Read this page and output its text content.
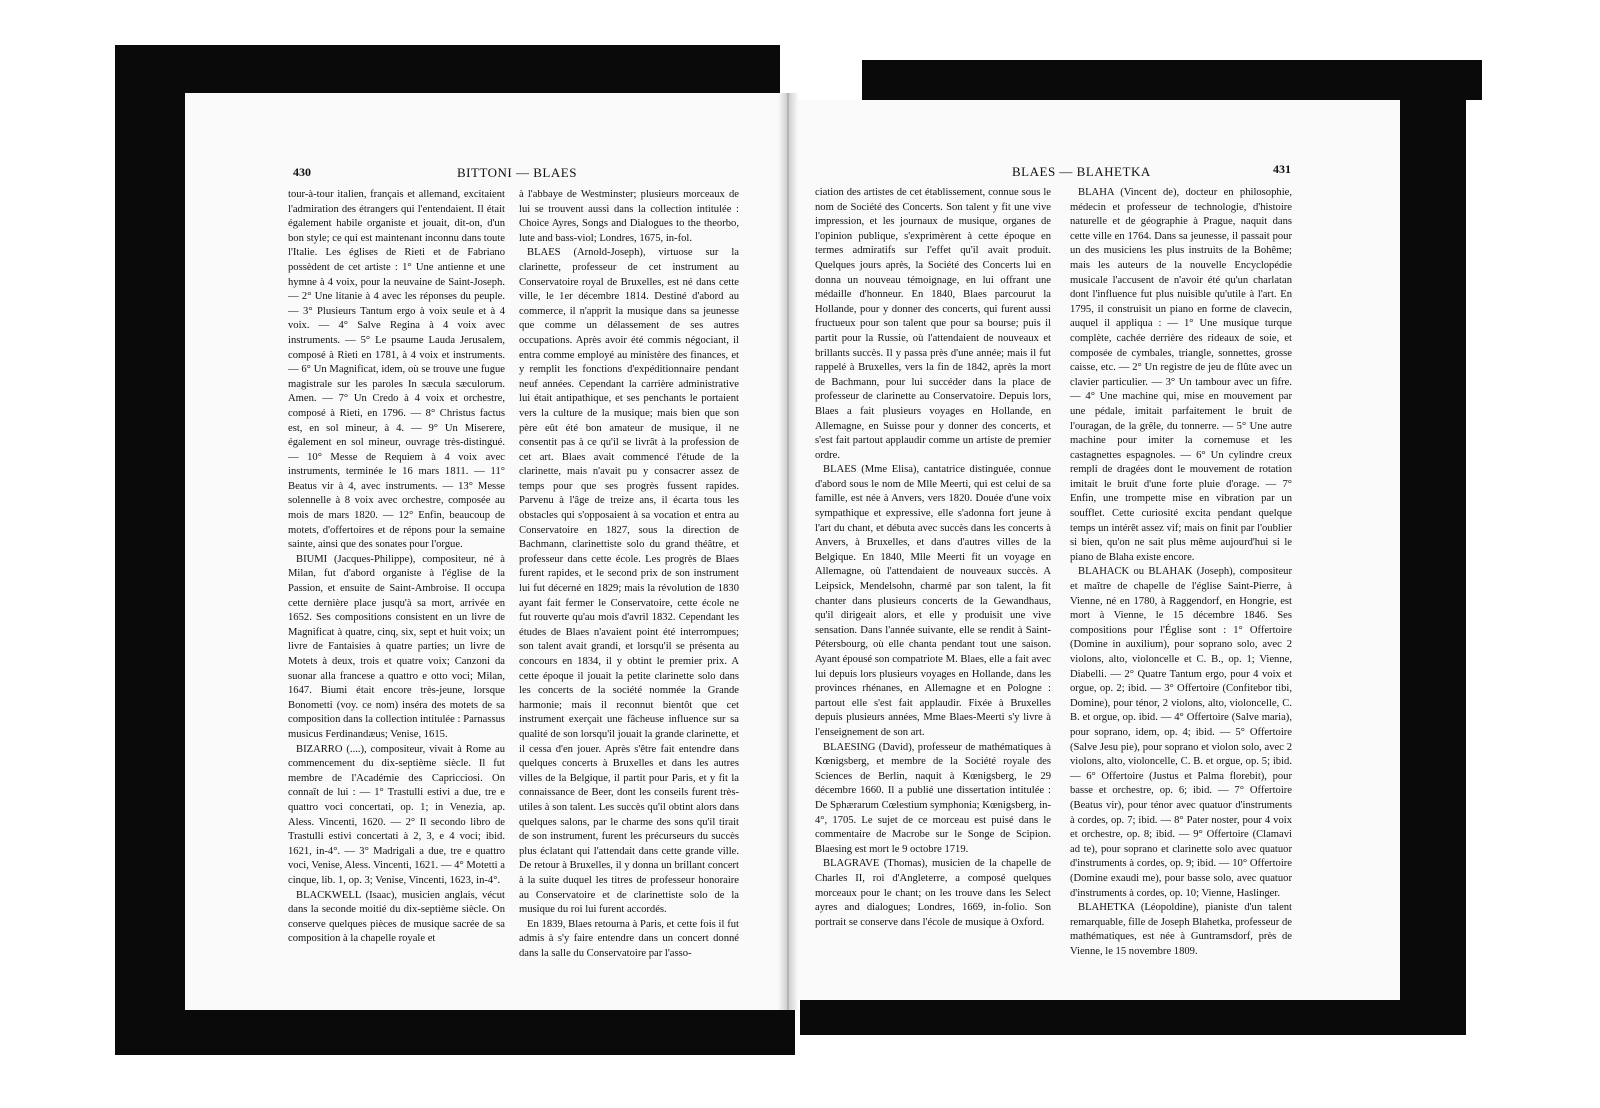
430	BITTONI — BLAES

tour-à-tour italien, français et allemand, excitaient l'admiration des étrangers qui l'entendaient. Il était également habile organiste et jouait, dit-on, d'un bon style; ce qui est maintenant inconnu dans toute l'Italie. Les églises de Rieti et de Fabriano possèdent de cet artiste : 1° Une antienne et une hymne à 4 voix, pour la neuvaine de Saint-Joseph. — 2° Une litanie à 4 avec les réponses du peuple. — 3° Plusieurs Tantum ergo à voix seule et à 4 voix. — 4° Salve Regina à 4 voix avec instruments. — 5° Le psaume Lauda Jerusalem, composé à Rieti en 1781, à 4 voix et instruments. — 6° Un Magnificat, idem, où se trouve une fugue magistrale sur les paroles In sæcula sæculorum. Amen. — 7° Un Credo à 4 voix et orchestre, composé à Rieti, en 1796. — 8° Christus factus est, en sol mineur, à 4. — 9° Un Miserere, également en sol mineur, ouvrage très-distingué. — 10° Messe de Requiem à 4 voix avec instruments, terminée le 16 mars 1811. — 11° Beatus vir à 4, avec instruments. — 13° Messe solennelle à 8 voix avec orchestre, composée au mois de mars 1820. — 12° Enfin, beaucoup de motets, d'offertoires et de répons pour la semaine sainte, ainsi que des sonates pour l'orgue.

BIUMI (Jacques-Philippe), compositeur, né à Milan, fut d'abord organiste à l'église de la Passion, et ensuite de Saint-Ambroise. Il occupa cette dernière place jusqu'à sa mort, arrivée en 1652. Ses compositions consistent en un livre de Magnificat à quatre, cinq, six, sept et huit voix; un livre de Fantaisies à quatre parties; un livre de Motets à deux, trois et quatre voix; Canzoni da suonar alla francese a quattro e otto voci; Milan, 1647. Biumi était encore très-jeune, lorsque Bonometti (voy. ce nom) inséra des motets de sa composition dans la collection intitulée : Parnassus musicus Ferdinandæus; Venise, 1615.

BIZARRO (....), compositeur, vivait à Rome au commencement du dix-septième siècle. Il fut membre de l'Académie des Capricciosi. On connaît de lui : — 1° Trastulli estivi a due, tre e quattro voci concertati, op. 1; in Venezia, ap. Aless. Vincenti, 1620. — 2° Il secondo libro de Trastulli estivi concertati à 2, 3, e 4 voci; ibid. 1621, in-4°. — 3° Madrigali a due, tre e quattro voci, Venise, Aless. Vincenti, 1621. — 4° Motetti a cinque, lib. 1, op. 3; Venise, Vincenti, 1623, in-4°.

BLACKWELL (Isaac), musicien anglais, vécut dans la seconde moitié du dix-septième siècle. On conserve quelques pièces de musique sacrée de sa composition à la chapelle royale et

à l'abbaye de Westminster; plusieurs morceaux de lui se trouvent aussi dans la collection intitulée : Choice Ayres, Songs and Dialogues to the theorbo, lute and bass-viol; Londres, 1675, in-fol.

BLAES (Arnold-Joseph), virtuose sur la clarinette, professeur de cet instrument au Conservatoire royal de Bruxelles, est né dans cette ville, le 1er décembre 1814. Destiné d'abord au commerce, il n'apprit la musique dans sa jeunesse que comme un délassement de ses autres occupations. Après avoir été commis négociant, il entra comme employé au ministère des finances, et y remplit les fonctions d'expéditionnaire pendant neuf années. Cependant la carrière administrative lui était antipathique, et ses penchants le portaient vers la culture de la musique; mais bien que son père eût été bon amateur de musique, il ne consentit pas à ce qu'il se livrât à la profession de cet art. Blaes avait commencé l'étude de la clarinette, mais n'avait pu y consacrer assez de temps pour que ses progrès fussent rapides. Parvenu à l'âge de treize ans, il écarta tous les obstacles qui s'opposaient à sa vocation et entra au Conservatoire en 1827, sous la direction de Bachmann, clarinettiste solo du grand théâtre, et professeur dans cette école. Les progrès de Blaes furent rapides, et le second prix de son instrument lui fut décerné en 1829; mais la révolution de 1830 ayant fait fermer le Conservatoire, cette école ne fut rouverte qu'au mois d'avril 1832. Cependant les études de Blaes n'avaient point été interrompues; son talent avait grandi, et lorsqu'il se présenta au concours en 1834, il y obtint le premier prix. A cette époque il jouait la petite clarinette solo dans les concerts de la société nommée la Grande harmonie; mais il reconnut bientôt que cet instrument exerçait une fâcheuse influence sur sa qualité de son lorsqu'il jouait la grande clarinette, et il cessa d'en jouer. Après s'être fait entendre dans quelques concerts à Bruxelles et dans les autres villes de la Belgique, il partit pour Paris, et y fit la connaissance de Beer, dont les conseils furent très-utiles à son talent. Les succès qu'il obtint alors dans quelques salons, par le charme des sons qu'il tirait de son instrument, furent les précurseurs du succès plus éclatant qui l'attendait dans cette grande ville. De retour à Bruxelles, il y donna un brillant concert à la suite duquel les titres de professeur honoraire au Conservatoire et de clarinettiste solo de la musique du roi lui furent accordés.

En 1839, Blaes retourna à Paris, et cette fois il fut admis à s'y faire entendre dans un concert donné dans la salle du Conservatoire par l'asso-

BLAES — BLAHETKA	431

ciation des artistes de cet établissement, connue sous le nom de Société des Concerts. Son talent y fit une vive impression, et les journaux de musique, organes de l'opinion publique, s'exprimèrent à cette époque en termes admiratifs sur l'effet qu'il avait produit. Quelques jours après, la Société des Concerts lui en donna un nouveau témoignage, en lui offrant une médaille d'honneur. En 1840, Blaes parcourut la Hollande, pour y donner des concerts, qui furent aussi fructueux pour son talent que pour sa bourse; puis il partit pour la Russie, où l'attendaient de nouveaux et brillants succès. Il y passa près d'une année; mais il fut rappelé à Bruxelles, vers la fin de 1842, après la mort de Bachmann, pour lui succéder dans la place de professeur de clarinette au Conservatoire. Depuis lors, Blaes a fait plusieurs voyages en Hollande, en Allemagne, en Suisse pour y donner des concerts, et s'est fait partout applaudir comme un artiste de premier ordre.

BLAES (Mme Elisa), cantatrice distinguée, connue d'abord sous le nom de Mlle Meerti, qui est celui de sa famille, est née à Anvers, vers 1820. Douée d'une voix sympathique et expressive, elle s'adonna fort jeune à l'art du chant, et débuta avec succès dans les concerts à Anvers, à Bruxelles, et dans d'autres villes de la Belgique. En 1840, Mlle Meerti fit un voyage en Allemagne, où l'attendaient de nouveaux succès. A Leipsick, Mendelsohn, charmé par son talent, la fit chanter dans plusieurs concerts de la Gewandhaus, qu'il dirigeait alors, et elle y produisit une vive sensation. Dans l'année suivante, elle se rendit à Saint-Pétersbourg, où elle chanta pendant tout une saison. Ayant épousé son compatriote M. Blaes, elle a fait avec lui depuis lors plusieurs voyages en Hollande, dans les provinces rhénanes, en Allemagne et en Pologne : partout elle s'est fait applaudir. Fixée à Bruxelles depuis plusieurs années, Mme Blaes-Meerti s'y livre à l'enseignement de son art.

BLAESING (David), professeur de mathématiques à Kœnigsberg, et membre de la Société royale des Sciences de Berlin, naquit à Kœnigsberg, le 29 décembre 1660. Il a publié une dissertation intitulée : De Sphærarum Cœlestium symphonia; Kœnigsberg, in-4°, 1705. Le sujet de ce morceau est puisé dans le commentaire de Macrobe sur le Songe de Scipion. Blaesing est mort le 9 octobre 1719.

BLAGRAVE (Thomas), musicien de la chapelle de Charles II, roi d'Angleterre, a composé quelques morceaux pour le chant; on les trouve dans les Select ayres and dialogues; Londres, 1669, in-folio. Son portrait se conserve dans l'école de musique à Oxford.

BLAHA (Vincent de), docteur en philosophie, médecin et professeur de technologie, d'histoire naturelle et de géographie à Prague, naquit dans cette ville en 1764. Dans sa jeunesse, il passait pour un des musiciens les plus instruits de la Bohême; mais les auteurs de la nouvelle Encyclopédie musicale l'accusent de n'avoir été qu'un charlatan dont l'influence fut plus nuisible qu'utile à l'art. En 1795, il construisit un piano en forme de clavecin, auquel il appliqua : — 1° Une musique turque complète, cachée derrière des rideaux de soie, et composée de cymbales, triangle, sonnettes, grosse caisse, etc. — 2° Un registre de jeu de flûte avec un clavier particulier. — 3° Un tambour avec un fifre. — 4° Une machine qui, mise en mouvement par une pédale, imitait parfaitement le bruit de l'ouragan, de la grêle, du tonnerre. — 5° Une autre machine pour imiter la cornemuse et les castagnettes espagnoles. — 6° Un cylindre creux rempli de dragées dont le mouvement de rotation imitait le bruit d'une forte pluie d'orage. — 7° Enfin, une trompette mise en vibration par un soufflet. Cette curiosité excita pendant quelque temps un intérêt assez vif; mais on finit par l'oublier si bien, qu'on ne sait plus même aujourd'hui si le piano de Blaha existe encore.

BLAHACK ou BLAHAK (Joseph), compositeur et maître de chapelle de l'église Saint-Pierre, à Vienne, né en 1780, à Raggendorf, en Hongrie, est mort à Vienne, le 15 décembre 1846. Ses compositions pour l'Église sont : 1° Offertoire (Domine in auxilium), pour soprano solo, avec 2 violons, alto, violoncelle et C. B., op. 1; Vienne, Diabelli. — 2° Quatre Tantum ergo, pour 4 voix et orgue, op. 2; ibid. — 3° Offertoire (Confitebor tibi, Domine), pour ténor, 2 violons, alto, violoncelle, C. B. et orgue, op. ibid. — 4° Offertoire (Salve maria), pour soprano, idem, op. 4; ibid. — 5° Offertoire (Salve Jesu pie), pour soprano et violon solo, avec 2 violons, alto, violoncelle, C. B. et orgue, op. 5; ibid. — 6° Offertoire (Justus et Palma florebit), pour basse et orchestre, op. 6; ibid. — 7° Offertoire (Beatus vir), pour ténor avec quatuor d'instruments à cordes, op. 7; ibid. — 8° Pater noster, pour 4 voix et orchestre, op. 8; ibid. — 9° Offertoire (Clamavi ad te), pour soprano et clarinette solo avec quatuor d'instruments à cordes, op. 9; ibid. — 10° Offertoire (Domine exaudi me), pour basse solo, avec quatuor d'instruments à cordes, op. 10; Vienne, Haslinger.

BLAHETKA (Léopoldine), pianiste d'un talent remarquable, fille de Joseph Blahetka, professeur de mathématiques, est née à Guntramsdorf, près de Vienne, le 15 novembre 1809.
